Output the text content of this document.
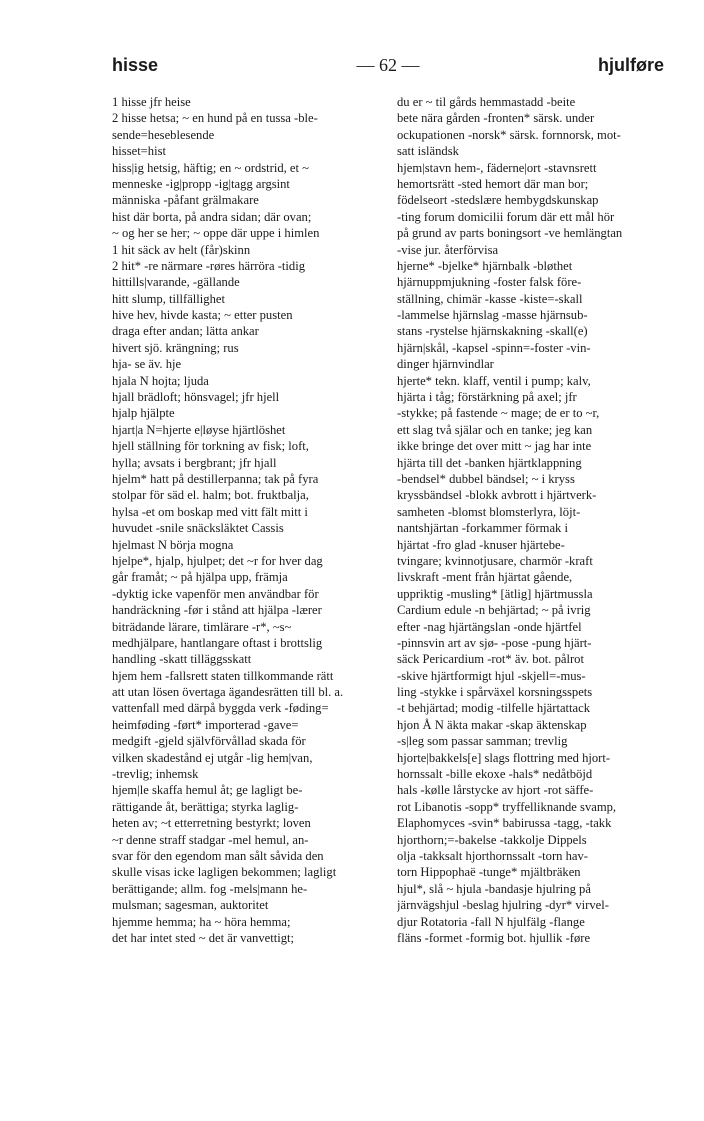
hisse	— 62 —	hjulføre
1 hisse jfr heise
2 hisse hetsa; ~ en hund på en tussa -ble-
sende=heseblesende
hisset=hist
hiss|ig hetsig, häftig; en ~ ordstrid, et ~
menneske -ig|propp -ig|tagg argsint
människa -påfant grälmakare
hist där borta, på andra sidan; där ovan;
~ og her se her; ~ oppe där uppe i himlen
1 hit säck av helt (får)skinn
2 hit* -re närmare -røres härröra -tidig
hittills|varande, -gällande
hitt slump, tillfällighet
hive hev, hivde kasta; ~ etter pusten
draga efter andan; lätta ankar
hivert sjö. krängning; rus
hja- se äv. hje
hjala N hojta; ljuda
hjall brädloft; hönsvagel; jfr hjell
hjalp hjälpte
hjart|a N=hjerte e|løyse hjärtlöshet
hjell ställning för torkning av fisk; loft,
hylla; avsats i bergbrant; jfr hjall
hjelm* hatt på destillerpanna; tak på fyra
stolpar för säd el. halm; bot. fruktbalja,
hylsa -et om boskap med vitt fält mitt i
huvudet -snile snäcksläktet Cassis
hjelmast N börja mogna
hjelpe*, hjalp, hjulpet; det ~r for hver dag
går framåt; ~ på hjälpa upp, främja
-dyktig icke vapenför men användbar för
handräckning -før i stånd att hjälpa -lærer
biträdande lärare, timlärare -r*, ~s~
medhjälpare, hantlangare oftast i brottslig
handling -skatt tilläggsskatt
hjem hem -fallsrett staten tillkommande rätt
att utan lösen övertaga ägandesrätten till bl. a.
vattenfall med därpå byggda verk -føding=
heimføding -ført* importerad -gave=
medgift -gjeld självförvållad skada för
vilken skadestånd ej utgår -lig hem|van,
-trevlig; inhemsk
hjem|le skaffa hemul åt; ge lagligt be-
rättigande åt, berättiga; styrka laglig-
heten av; ~t etterretning bestyrkt; loven
~r denne straff stadgar -mel hemul, an-
svar för den egendom man sålt såvida den
skulle visas icke lagligen bekommen; lagligt
berättigande; allm. fog -mels|mann he-
mulsman; sagesman, auktoritet
hjemme hemma; ha ~ höra hemma;
det har intet sted ~ det är vanvettigt;
du er ~ til gårds hemmastadd -beite
bete nära gården -fronten* särsk. under
ockupationen -norsk* särsk. fornnorsk, mot-
satt isländsk
hjem|stavn hem-, fäderne|ort -stavnsrett
hemortsrätt -sted hemort där man bor;
födelseort -stedslære hembygdskunskap
-ting forum domicilii forum där ett mål hör
på grund av parts boningsort -ve hemlängtan
-vise jur. återförvisa
hjerne* -bjelke* hjärnbalk -bløthet
hjärnuppmjukning -foster falsk före-
ställning, chimär -kasse -kiste=-skall
-lammelse hjärnslag -masse hjärnsub-
stans -rystelse hjärnskakning -skall(e)
hjärn|skål, -kapsel -spinn=-foster -vin-
dinger hjärnvindlar
hjerte* tekn. klaff, ventil i pump; kalv,
hjärta i tåg; förstärkning på axel; jfr
-stykke; på fastende ~ mage; de er to ~r,
ett slag två själar och en tanke; jeg kan
ikke bringe det over mitt ~ jag har inte
hjärta till det -banken hjärtklappning
-bendsel* dubbel bändsel; ~ i kryss
kryssbändsel -blokk avbrott i hjärtverk-
samheten -blomst blomsterlyra, löjt-
nantshjärtan -forkammer förmak i
hjärtat -fro glad -knuser hjärtebe-
tvingare; kvinnotjusare, charmör -kraft
livskraft -ment från hjärtat gående,
uppriktig -musling* [ätlig] hjärtmussla
Cardium edule -n behjärtad; ~ på ivrig
efter -nag hjärtängslan -onde hjärtfel
-pinnsvin art av sjø- -pose -pung hjärt-
säck Pericardium -rot* äv. bot. pålrot
-skive hjärtformigt hjul -skjell=-mus-
ling -stykke i spårväxel korsningsspets
-t behjärtad; modig -tilfelle hjärtattack
hjon Å N äkta makar -skap äktenskap
-s|leg som passar samman; trevlig
hjorte|bakkels[e] slags flottring med hjort-
hornssalt -bille ekoxe -hals* nedåtböjd
hals -kølle lårstycke av hjort -rot säffe-
rot Libanotis -sopp* tryffelliknande svamp,
Elaphomyces -svin* babirussa -tagg, -takk
hjorthorn;=-bakelse -takkolje Dippels
olja -takksalt hjorthornssalt -torn hav-
torn Hippophaë -tunge* mjältbräken
hjul*, slå ~ hjula -bandasje hjulring på
järnvägshjul -beslag hjulring -dyr* virvel-
djur Rotatoria -fall N hjulfälg -flange
fläns -formet -formig bot. hjullik -føre
